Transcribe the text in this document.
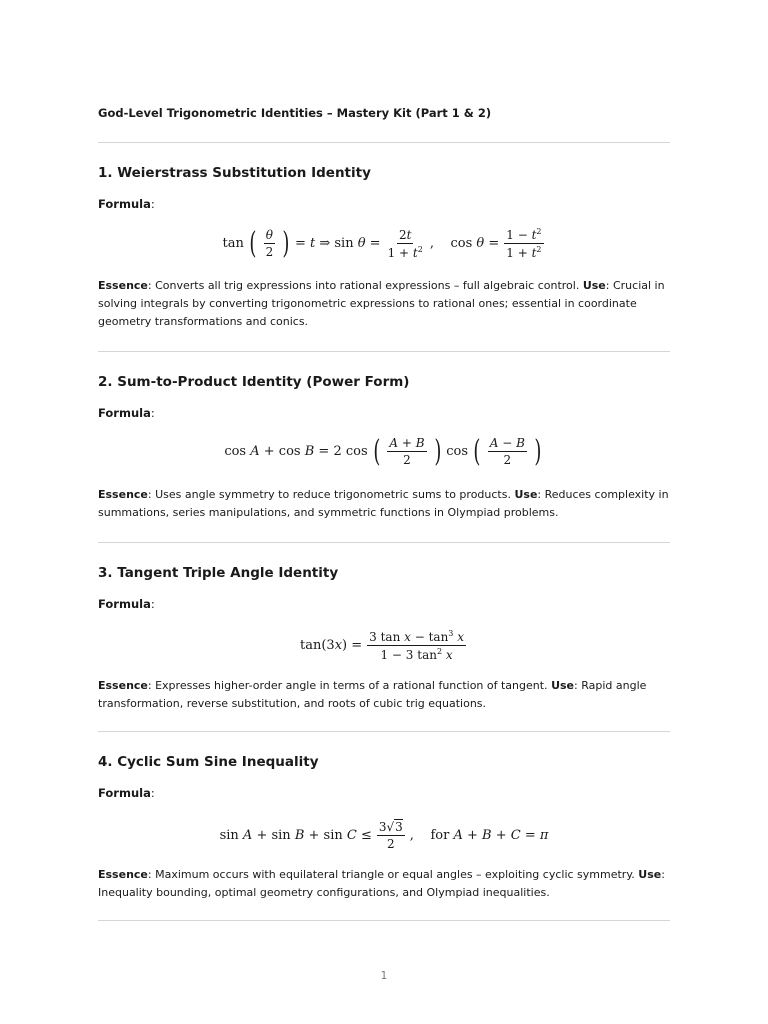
God-Level Trigonometric Identities – Mastery Kit (Part 1 & 2)
1. Weierstrass Substitution Identity
Formula:
tan ( $\frac{\theta}{2}$ ) = t ⇒ $\sin \theta = \frac{2t}{1 + t^2}$ ,    $\cos \theta = \frac{1 - t^2}{1 + t^2}$
Essence: Converts all trig expressions into rational expressions – full algebraic control. Use: Crucial in solving integrals by converting trigonometric expressions to rational ones; essential in coordinate geometry transformations and conics.
2. Sum-to-Product Identity (Power Form)
Formula:
cos A + cos B = 2 cos ( $\frac{A + B}{2}$ ) cos ( $\frac{A - B}{2}$ )
Essence: Uses angle symmetry to reduce trigonometric sums to products. Use: Reduces complexity in summations, series manipulations, and symmetric functions in Olympiad problems.
3. Tangent Triple Angle Identity
Formula:
$\tan(3x) = \frac{3 \tan x - \tan^3 x}{1 - 3 \tan^2 x}$
Essence: Expresses higher-order angle in terms of a rational function of tangent. Use: Rapid angle transformation, reverse substitution, and roots of cubic trig equations.
4. Cyclic Sum Sine Inequality
Formula:
$\sin A + \sin B + \sin C \le \frac{3√3}{2}$ ,    for A + B + C = π
Essence: Maximum occurs with equilateral triangle or equal angles – exploiting cyclic symmetry. Use: Inequality bounding, optimal geometry configurations, and Olympiad inequalities.
1
